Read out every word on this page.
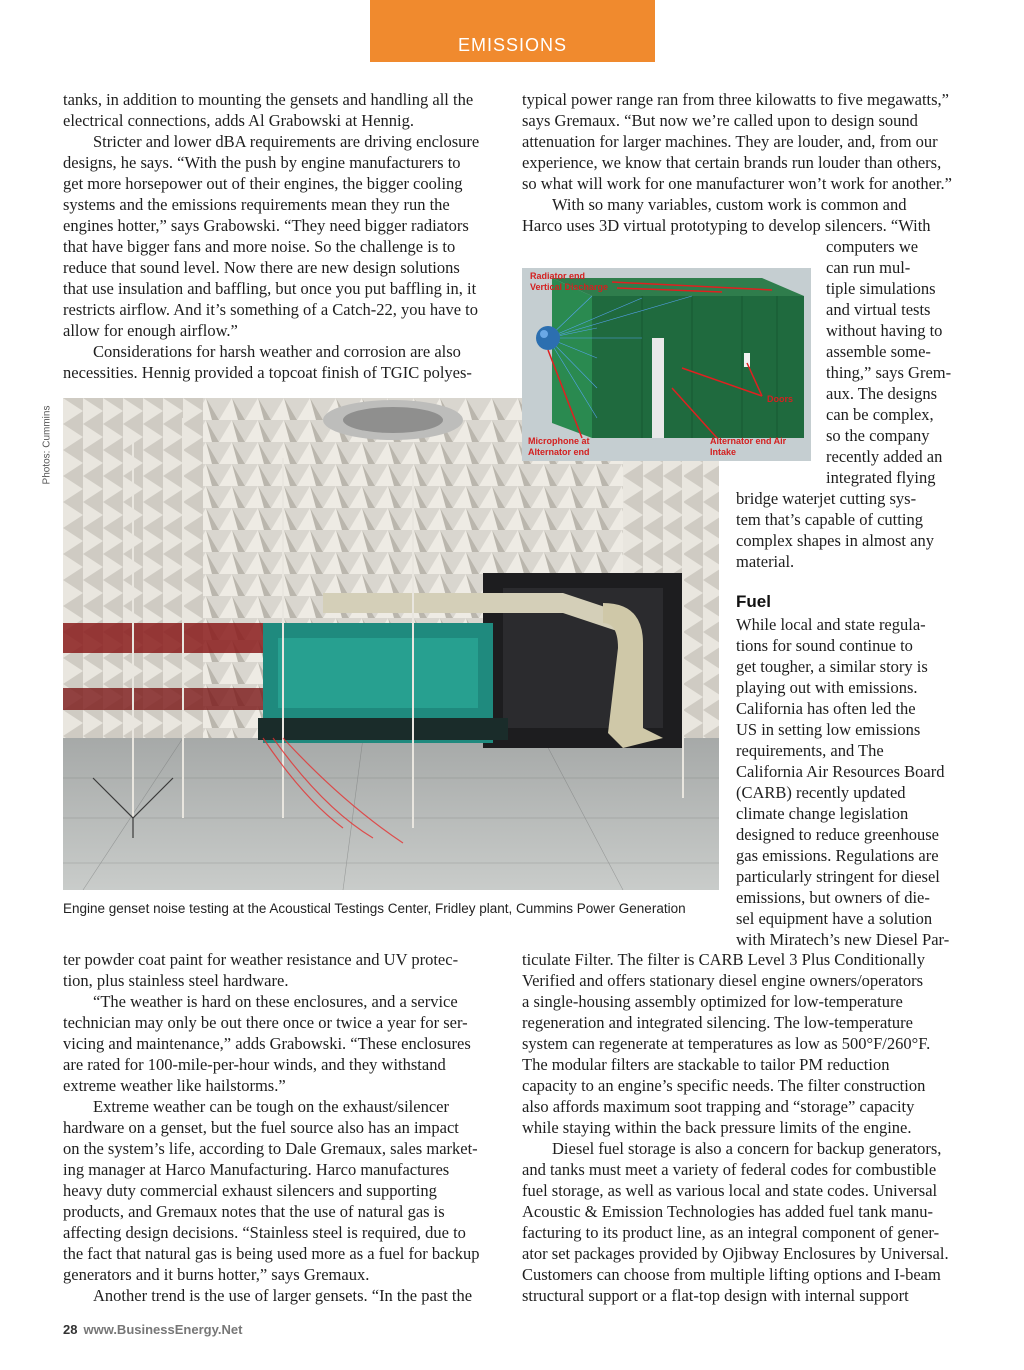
EMISSIONS
tanks, in addition to mounting the gensets and handling all the
electrical connections, adds Al Grabowski at Hennig.
Stricter and lower dBA requirements are driving enclosure
designs, he says. “With the push by engine manufacturers to
get more horsepower out of their engines, the bigger cooling
systems and the emissions requirements mean they run the
engines hotter,” says Grabowski. “They need bigger radiators
that have bigger fans and more noise. So the challenge is to
reduce that sound level. Now there are new design solutions
that use insulation and baffling, but once you put baffling in, it
restricts airflow. And it’s something of a Catch-22, you have to
allow for enough airflow.”
Considerations for harsh weather and corrosion are also
necessities. Hennig provided a topcoat finish of TGIC polyes-
typical power range ran from three kilowatts to five megawatts,”
says Gremaux. “But now we’re called upon to design sound
attenuation for larger machines. They are louder, and, from our
experience, we know that certain brands run louder than others,
so what will work for one manufacturer won’t work for another.”
With so many variables, custom work is common and
Harco uses 3D virtual prototyping to develop silencers. “With
computers we
can run mul-
tiple simulations
and virtual tests
without having to
assemble some-
thing,” says Grem-
aux. The designs
can be complex,
so the company
recently added an
integrated flying
bridge waterjet cutting sys-
tem that’s capable of cutting
complex shapes in almost any
material.
Fuel
While local and state regula-
tions for sound continue to
get tougher, a similar story is
playing out with emissions.
California has often led the
US in setting low emissions
requirements, and The
California Air Resources Board
(CARB) recently updated
climate change legislation
designed to reduce greenhouse
gas emissions. Regulations are
particularly stringent for diesel
emissions, but owners of die-
sel equipment have a solution
with Miratech’s new Diesel Par-
Photos: Cummins
Engine genset noise testing at the Acoustical Testings Center, Fridley plant, Cummins Power Generation
Radiator end
Vertical Discharge
Doors
Microphone at
Alternator end
Alternator end Air
Intake
ter powder coat paint for weather resistance and UV protec-
tion, plus stainless steel hardware.
“The weather is hard on these enclosures, and a service
technician may only be out there once or twice a year for ser-
vicing and maintenance,” adds Grabowski. “These enclosures
are rated for 100-mile-per-hour winds, and they withstand
extreme weather like hailstorms.”
Extreme weather can be tough on the exhaust/silencer
hardware on a genset, but the fuel source also has an impact
on the system’s life, according to Dale Gremaux, sales market-
ing manager at Harco Manufacturing. Harco manufactures
heavy duty commercial exhaust silencers and supporting
products, and Gremaux notes that the use of natural gas is
affecting design decisions. “Stainless steel is required, due to
the fact that natural gas is being used more as a fuel for backup
generators and it burns hotter,” says Gremaux.
Another trend is the use of larger gensets. “In the past the
ticulate Filter. The filter is CARB Level 3 Plus Conditionally
Verified and offers stationary diesel engine owners/operators
a single-housing assembly optimized for low-temperature
regeneration and integrated silencing. The low-temperature
system can regenerate at temperatures as low as 500°F/260°F.
The modular filters are stackable to tailor PM reduction
capacity to an engine’s specific needs. The filter construction
also affords maximum soot trapping and “storage” capacity
while staying within the back pressure limits of the engine.
Diesel fuel storage is also a concern for backup generators,
and tanks must meet a variety of federal codes for combustible
fuel storage, as well as various local and state codes. Universal
Acoustic & Emission Technologies has added fuel tank manu-
facturing to its product line, as an integral component of gener-
ator set packages provided by Ojibway Enclosures by Universal.
Customers can choose from multiple lifting options and I-beam
structural support or a flat-top design with internal support
28 www.BusinessEnergy.Net
